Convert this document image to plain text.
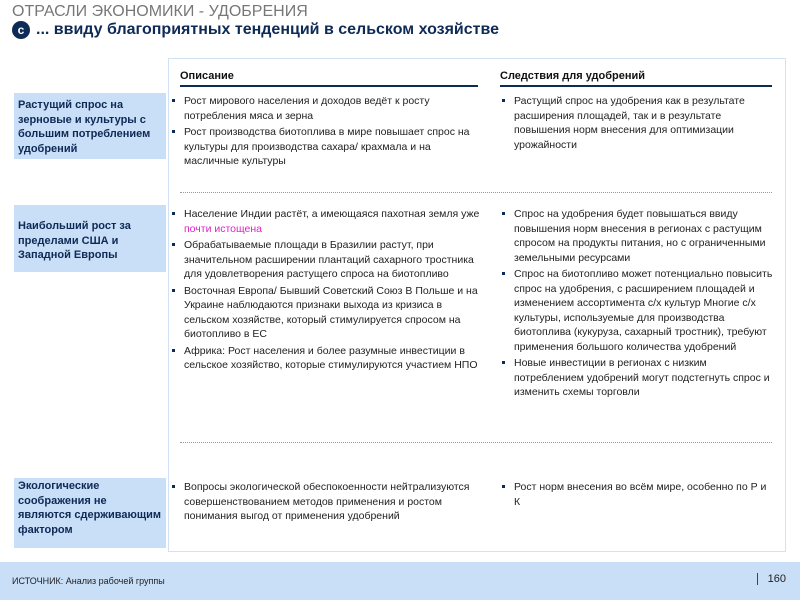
ОТРАСЛИ ЭКОНОМИКИ - УДОБРЕНИЯ
c ... ввиду благоприятных тенденций в сельском хозяйстве
Описание	Следствия для удобрений
Растущий спрос на зерновые и культуры с большим потреблением удобрений
Рост мирового населения и доходов ведёт к росту потребления мяса и зерна
Рост производства биотоплива в мире повышает спрос на культуры для производства сахара/ крахмала и на масличные культуры
Растущий спрос на удобрения как в результате расширения площадей, так и в результате повышения норм внесения для оптимизации урожайности
Наибольший рост за пределами США и Западной Европы
Население Индии растёт, а имеющаяся пахотная земля уже почти истощена
Обрабатываемые площади в Бразилии растут, при значительном расширении плантаций сахарного тростника для удовлетворения растущего спроса на биотопливо
Восточная Европа/ Бывший Советский Союз В Польше и на Украине наблюдаются признаки выхода из кризиса в сельском хозяйстве, который стимулируется спросом на биотопливо в ЕС
Африка: Рост населения и более разумные инвестиции в сельское хозяйство, которые стимулируются участием НПО
Спрос на удобрения будет повышаться ввиду повышения норм внесения в регионах с растущим спросом на продукты питания, но с ограниченными земельными ресурсами
Спрос на биотопливо может потенциально повысить спрос на удобрения, с расширением площадей и изменением ассортимента с/х культур Многие с/х культуры, используемые для производства биотоплива (кукуруза, сахарный тростник), требуют применения большого количества удобрений
Новые инвестиции в регионах с низким потреблением удобрений могут подстегнуть спрос и изменить схемы торговли
Экологические соображения не являются сдерживающим фактором
Вопросы экологической обеспокоенности нейтрализуются совершенствованием методов применения и ростом понимания выгод от применения удобрений
Рост норм внесения во всём мире, особенно по Р и К
ИСТОЧНИК: Анализ рабочей группы	160
